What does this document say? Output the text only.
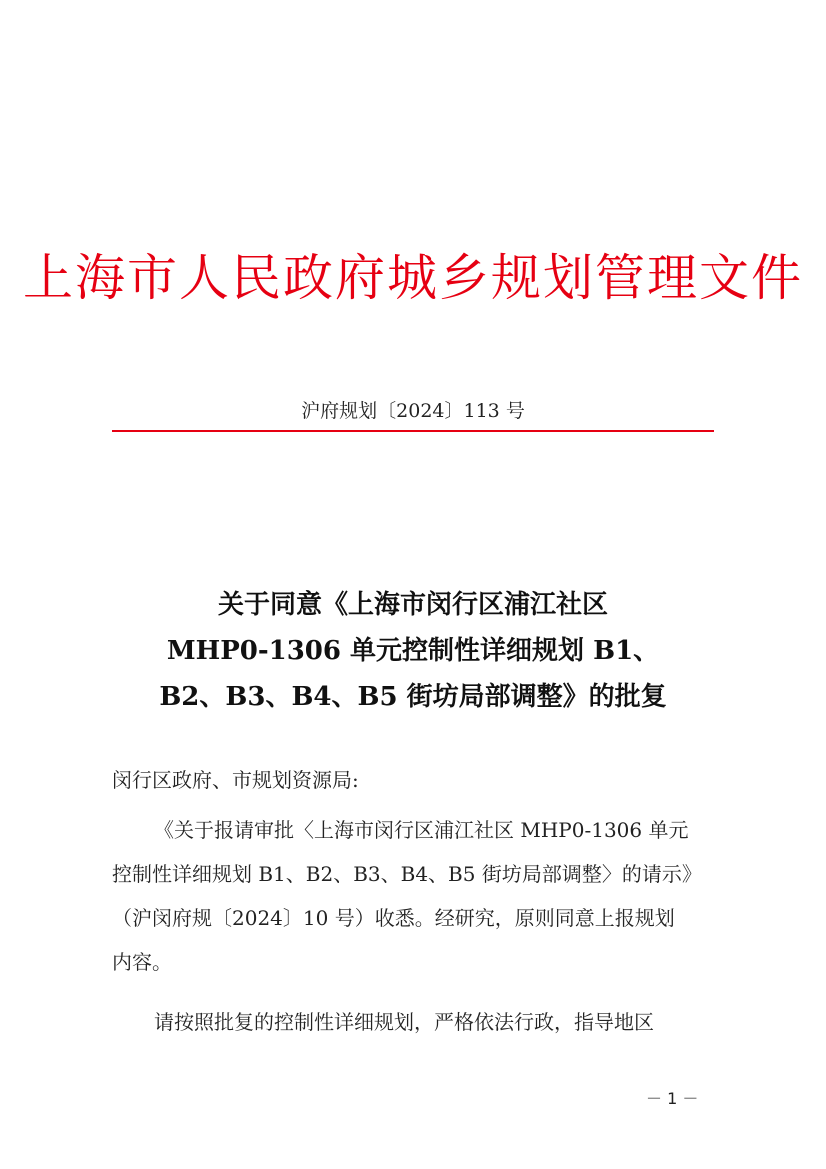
上海市人民政府城乡规划管理文件
沪府规划〔2024〕113 号
关于同意《上海市闵行区浦江社区
MHP0-1306 单元控制性详细规划 B1、
B2、B3、B4、B5 街坊局部调整》的批复
闵行区政府、市规划资源局:
《关于报请审批〈上海市闵行区浦江社区 MHP0-1306 单元
控制性详细规划 B1、B2、B3、B4、B5 街坊局部调整〉的请示》
（沪闵府规〔2024〕10 号）收悉。经研究，原则同意上报规划
内容。
请按照批复的控制性详细规划，严格依法行政，指导地区
－ 1 －
